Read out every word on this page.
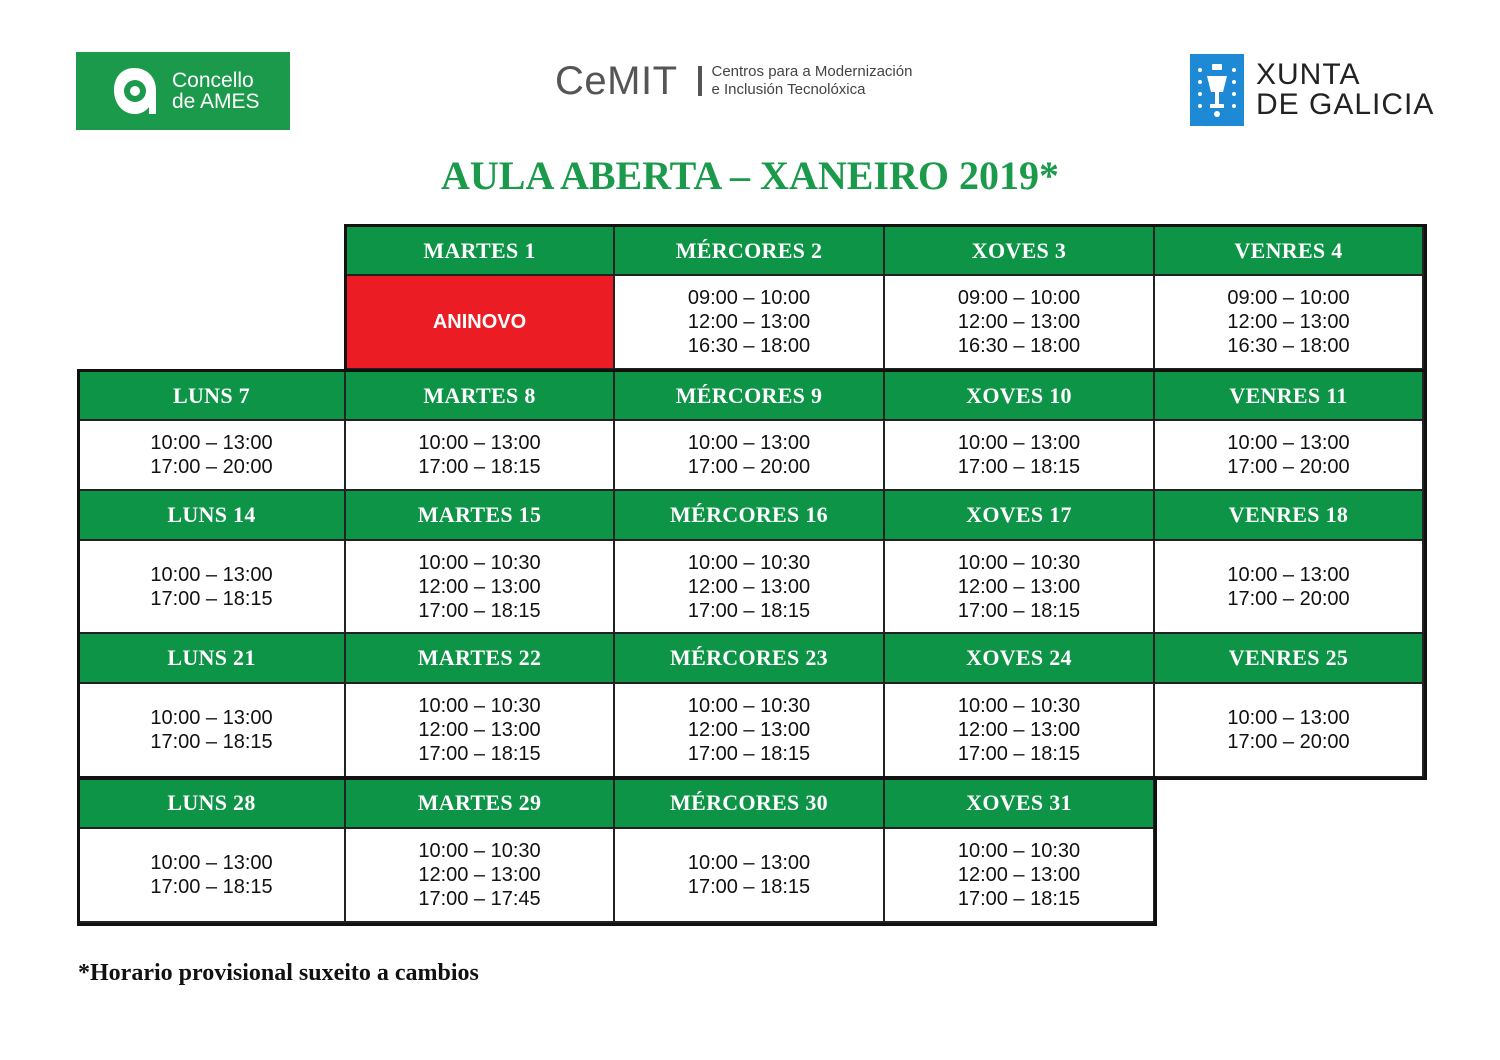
Concello
de AMES	CeMIT Centros para a Modernización
e Inclusión Tecnolóxica	XUNTA
DE GALICIA
AULA ABERTA – XANEIRO 2019*
MARTES 1
ANINOVO
MÉRCORES 2
09:00 – 10:00
12:00 – 13:00
16:30 – 18:00
XOVES 3
09:00 – 10:00
12:00 – 13:00
16:30 – 18:00
VENRES 4
09:00 – 10:00
12:00 – 13:00
16:30 – 18:00
LUNS 7
10:00 – 13:00
17:00 – 20:00
MARTES 8
10:00 – 13:00
17:00 – 18:15
MÉRCORES 9
10:00 – 13:00
17:00 – 20:00
XOVES 10
10:00 – 13:00
17:00 – 18:15
VENRES 11
10:00 – 13:00
17:00 – 20:00
LUNS 14
10:00 – 13:00
17:00 – 18:15
MARTES 15
10:00 – 10:30
12:00 – 13:00
17:00 – 18:15
MÉRCORES 16
10:00 – 10:30
12:00 – 13:00
17:00 – 18:15
XOVES 17
10:00 – 10:30
12:00 – 13:00
17:00 – 18:15
VENRES 18
10:00 – 13:00
17:00 – 20:00
LUNS 21
10:00 – 13:00
17:00 – 18:15
MARTES 22
10:00 – 10:30
12:00 – 13:00
17:00 – 18:15
MÉRCORES 23
10:00 – 10:30
12:00 – 13:00
17:00 – 18:15
XOVES 24
10:00 – 10:30
12:00 – 13:00
17:00 – 18:15
VENRES 25
10:00 – 13:00
17:00 – 20:00
LUNS 28
10:00 – 13:00
17:00 – 18:15
MARTES 29
10:00 – 10:30
12:00 – 13:00
17:00 – 17:45
MÉRCORES 30
10:00 – 13:00
17:00 – 18:15
XOVES 31
10:00 – 10:30
12:00 – 13:00
17:00 – 18:15
*Horario provisional suxeito a cambios
